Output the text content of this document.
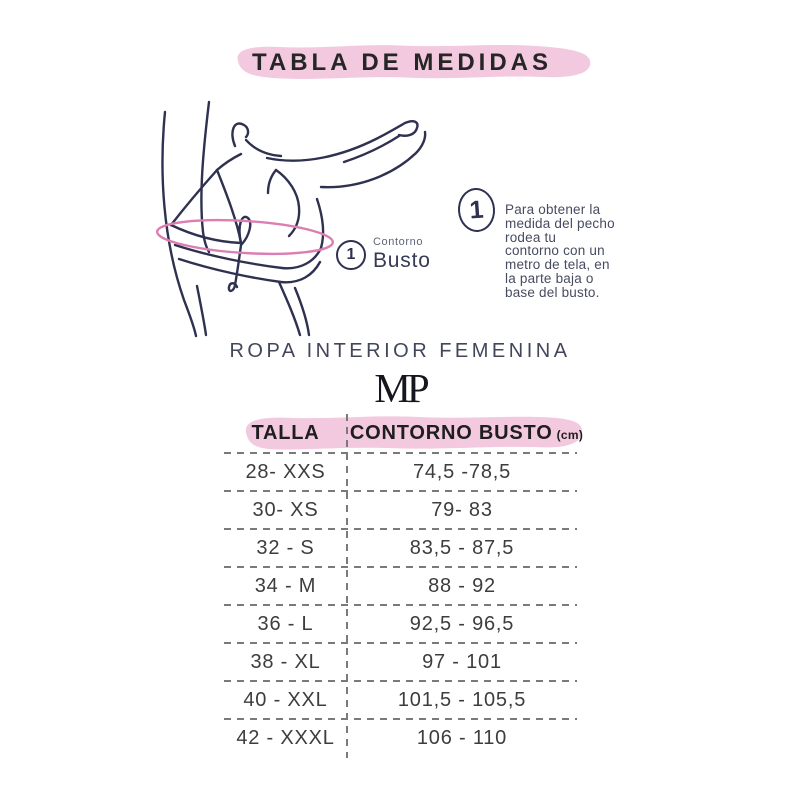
TABLA DE MEDIDAS
1
Contorno
Busto
1	Para obtener la
medida del pecho
rodea tu
contorno con un
metro de tela, en
la parte baja o
base del busto.
ROPA INTERIOR FEMENINA
MP
TALLA	CONTORNO BUSTO (cm)
28- XXS	74,5 -78,5
30- XS	79- 83
32 - S	83,5 - 87,5
34 - M	88 - 92
36 - L	92,5 - 96,5
38 - XL	97 - 101
40 - XXL	101,5 - 105,5
42 - XXXL	106 - 110
